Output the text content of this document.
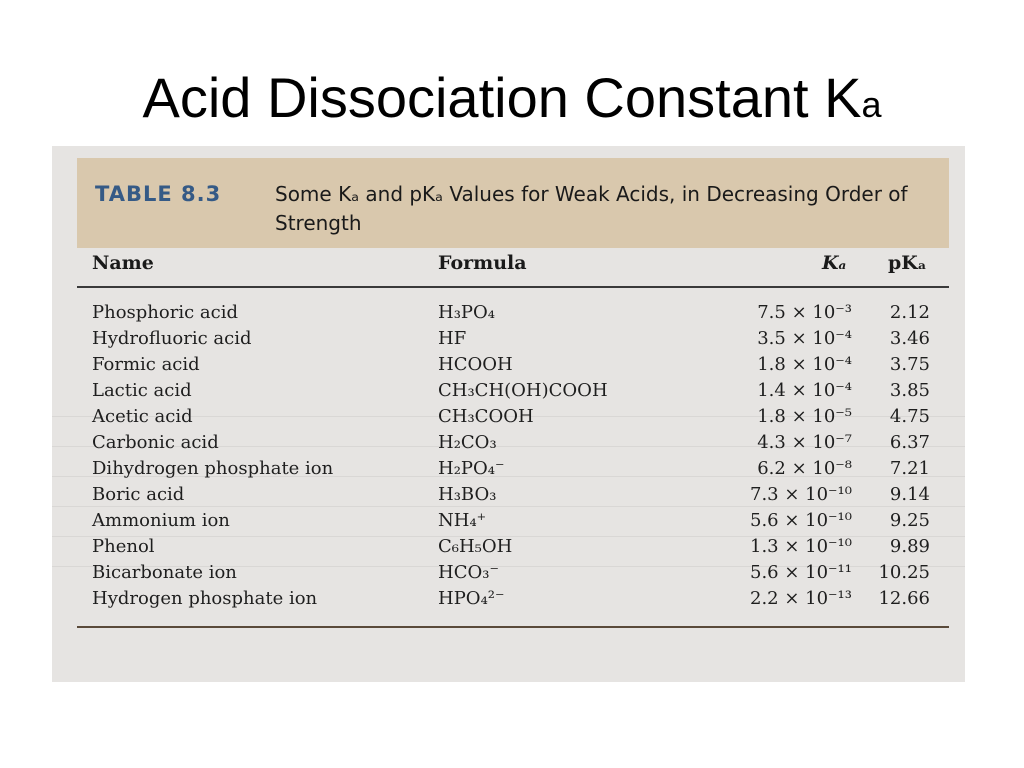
Acid Dissociation Constant Ka
TABLE 8.3	Some Kₐ and pKₐ Values for Weak Acids, in Decreasing Order of Strength
Name	Formula	Kₐ pKₐ
Phosphoric acid	H₃PO₄	7.5 × 10⁻³	2.12
Hydrofluoric acid	HF	3.5 × 10⁻⁴	3.46
Formic acid	HCOOH	1.8 × 10⁻⁴	3.75
Lactic acid	CH₃CH(OH)COOH	1.4 × 10⁻⁴	3.85
Acetic acid	CH₃COOH	1.8 × 10⁻⁵	4.75
Carbonic acid	H₂CO₃	4.3 × 10⁻⁷	6.37
Dihydrogen phosphate ion	H₂PO₄⁻	6.2 × 10⁻⁸	7.21
Boric acid	H₃BO₃	7.3 × 10⁻¹⁰	9.14
Ammonium ion	NH₄⁺	5.6 × 10⁻¹⁰	9.25
Phenol	C₆H₅OH	1.3 × 10⁻¹⁰	9.89
Bicarbonate ion	HCO₃⁻	5.6 × 10⁻¹¹	10.25
Hydrogen phosphate ion	HPO₄²⁻	2.2 × 10⁻¹³	12.66
